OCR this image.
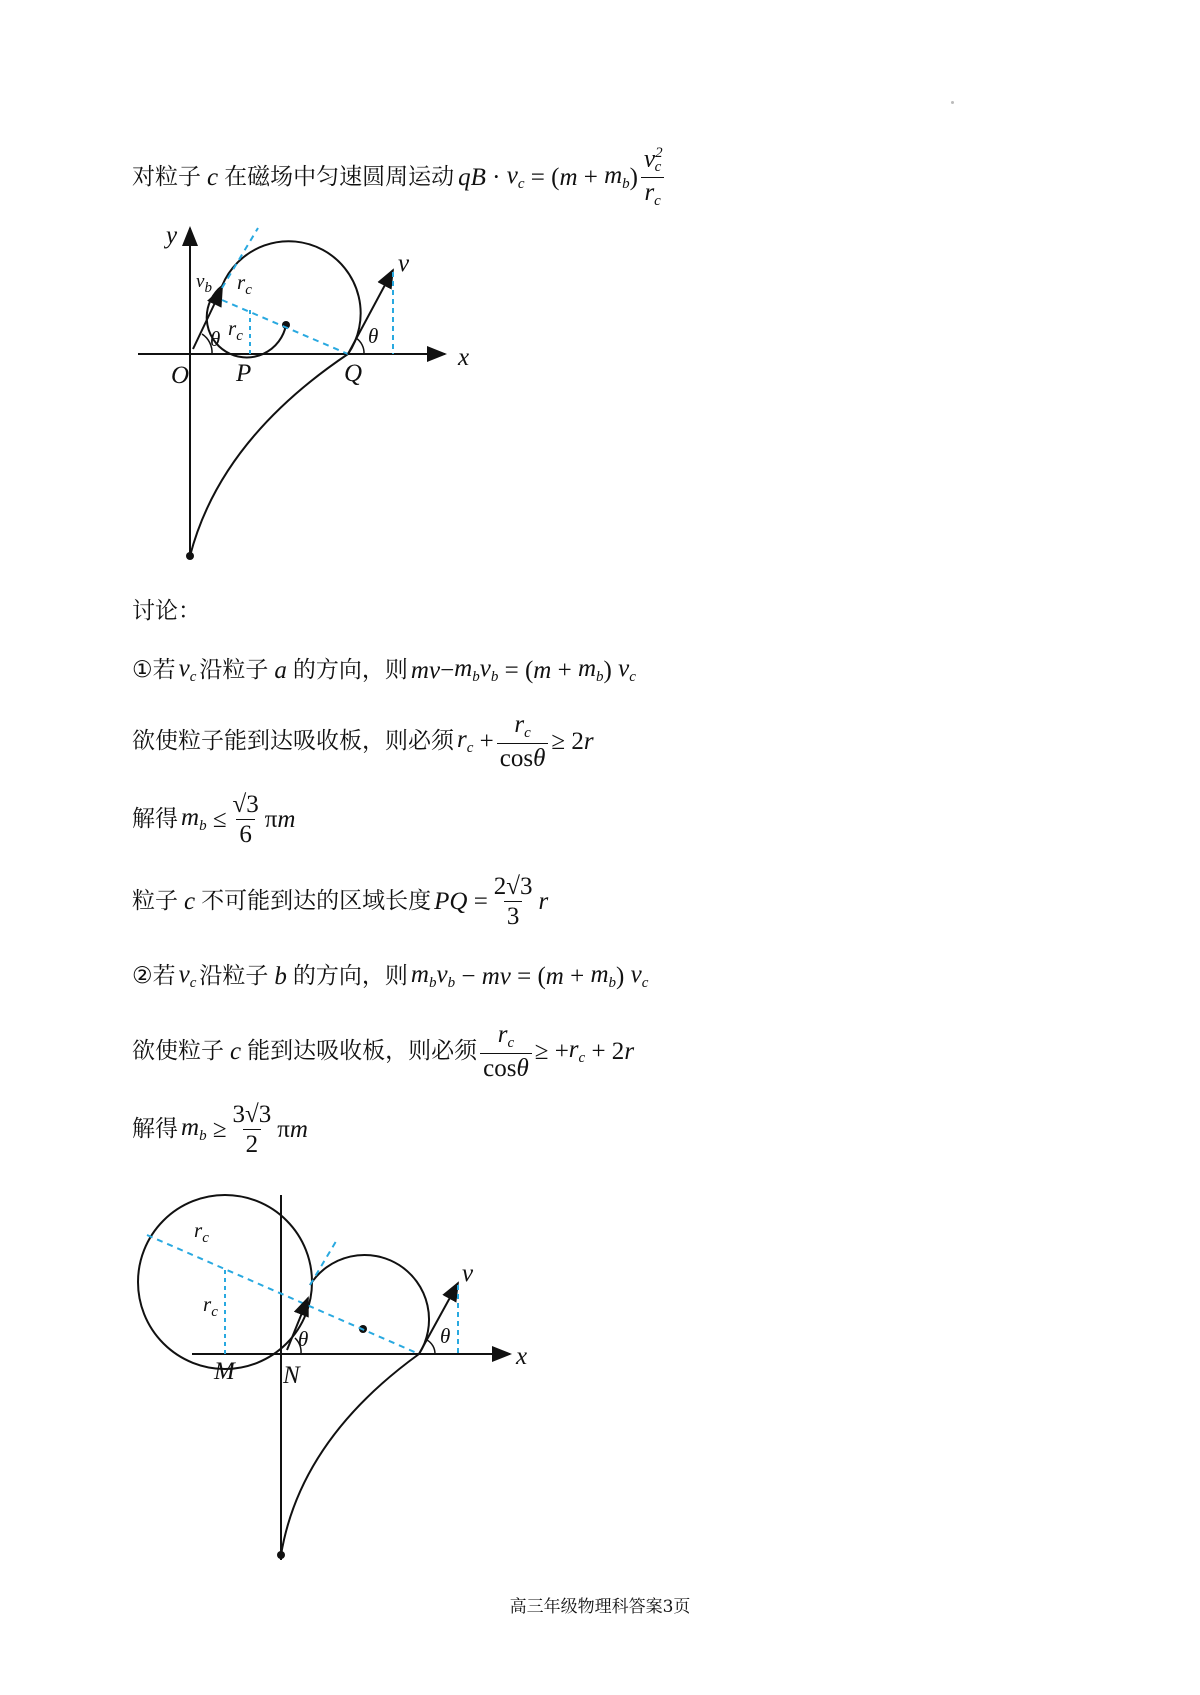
对粒子 c 在磁场中匀速圆周运动 qB · $v_c$ = ( $m + m_b$ ) $\frac{v^2_c}{r_c}$
y
x
O P	Q
v
$v_b$ $r_c$
$r_c$
θ	θ
讨论：
①若 $v_c$ 沿粒子 a 的方向，则 mv − $m_bv_b$ = ( $m + m_b$ ) $v_c$
欲使粒子能到达吸收板，则必须 $r_c + \frac{r_c}{\cos\theta} \ge 2$ r
解得 $m_b \le \frac{√3}{6}$ π m
粒子 c 不可能到达的区域长度 PQ = $\frac{2√3}{3}$ r
②若 $v_c$ 沿粒子 b 的方向，则 $m_bv_b$ − mv = ( $m + m_b$ ) $v_c$
欲使粒子 c 能到达吸收板，则必须 $\frac{r_c}{\cos\theta}$ ≥ + $r_c + 2$ r
解得 $m_b \ge \frac{3√3}{2}$ π m
x
M N
v
$r_c$
$r_c$
θ	θ
高三年级物理科答案3页
